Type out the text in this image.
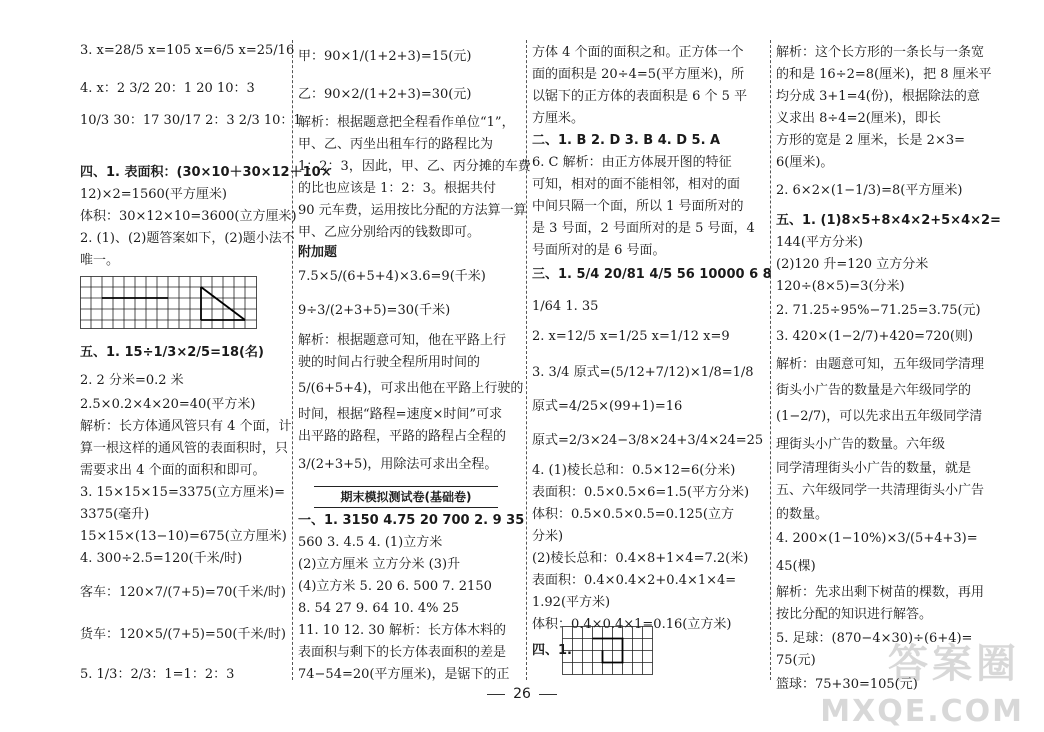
3. x=28/5 x=105 x=6/5 x=25/16
4. x：2 3/2 20：1 20 10：3
10/3 30：17 30/17 2：3 2/3 10：1
四、1. 表面积：(30×10＋30×12＋10×
12)×2=1560(平方厘米)
体积：30×12×10=3600(立方厘米)
2. (1)、(2)题答案如下，(2)题小法不
唯一。
五、1. 15÷1/3×2/5=18(名)
2. 2 分米=0.2 米
2.5×0.2×4×20=40(平方米)
解析：长方体通风管只有 4 个面，计
算一根这样的通风管的表面积时，只
需要求出 4 个面的面积和即可。
3. 15×15×15=3375(立方厘米)=
3375(毫升)
15×15×(13−10)=675(立方厘米)
4. 300÷2.5=120(千米/时)
客车：120×7/(7+5)=70(千米/时)
货车：120×5/(7+5)=50(千米/时)
5. 1/3：2/3：1=1：2：3
甲：90×1/(1+2+3)=15(元)
乙：90×2/(1+2+3)=30(元)
解析：根据题意把全程看作单位“1”，
甲、乙、丙坐出租车行的路程比为
1：2：3，因此，甲、乙、丙分摊的车费
的比也应该是 1：2：3。根据共付
90 元车费，运用按比分配的方法算一算
甲、乙应分别给丙的钱数即可。
附加题
7.5×5/(6+5+4)×3.6=9(千米)
9÷3/(2+3+5)=30(千米)
解析：根据题意可知，他在平路上行
驶的时间占行驶全程所用时间的
5/(6+5+4)，可求出他在平路上行驶的
时间，根据“路程=速度×时间”可求
出平路的路程，平路的路程占全程的
3/(2+3+5)，用除法可求出全程。
一、1. 3150 4.75 20 700 2. 9 35
560 3. 4.5 4. (1)立方米
(2)立方厘米 立方分米 (3)升
(4)立方米 5. 20 6. 500 7. 2150
8. 54 27 9. 64 10. 4% 25
11. 10 12. 30 解析：长方体木料的
表面积与剩下的长方体表面积的差是
74−54=20(平方厘米)，是锯下的正
期末模拟测试卷(基础卷)
方体 4 个面的面积之和。正方体一个
面的面积是 20÷4=5(平方厘米)，所
以锯下的正方体的表面积是 6 个 5 平
方厘米。
二、1. B 2. D 3. B 4. D 5. A
6. C 解析：由正方体展开图的特征
可知，相对的面不能相邻，相对的面
中间只隔一个面，所以 1 号面所对的
是 3 号面，2 号面所对的是 5 号面，4
号面所对的是 6 号面。
三、1. 5/4 20/81 4/5 56 10000 6 8
1/64 1. 35
2. x=12/5 x=1/25 x=1/12 x=9
3. 3/4 原式=(5/12+7/12)×1/8=1/8
原式=4/25×(99+1)=16
原式=2/3×24−3/8×24+3/4×24=25
4. (1)棱长总和：0.5×12=6(分米)
表面积：0.5×0.5×6=1.5(平方分米)
体积：0.5×0.5×0.5=0.125(立方
分米)
(2)棱长总和：0.4×8+1×4=7.2(米)
表面积：0.4×0.4×2+0.4×1×4=
1.92(平方米)
体积：0.4×0.4×1=0.16(立方米)
四、1.
解析：这个长方形的一条长与一条宽
的和是 16÷2=8(厘米)，把 8 厘米平
均分成 3+1=4(份)，根据除法的意
义求出 8÷4=2(厘米)，即长
方形的宽是 2 厘米，长是 2×3=
6(厘米)。
2. 6×2×(1−1/3)=8(平方厘米)
五、1. (1)8×5+8×4×2+5×4×2=
144(平方分米)
(2)120 升=120 立方分米
120÷(8×5)=3(分米)
2. 71.25÷95%−71.25=3.75(元)
3. 420×(1−2/7)+420=720(则)
解析：由题意可知，五年级同学清理
街头小广告的数量是六年级同学的
(1−2/7)，可以先求出五年级同学清
理街头小广告的数量。六年级
同学清理街头小广告的数量，就是
五、六年级同学一共清理街头小广告
的数量。
4. 200×(1−10%)×3/(5+4+3)=
45(棵)
解析：先求出剩下树苗的棵数，再用
按比分配的知识进行解答。
5. 足球：(870−4×30)÷(6+4)=
75(元)
篮球：75+30=105(元)
26
答案圈
MXQE.COM
